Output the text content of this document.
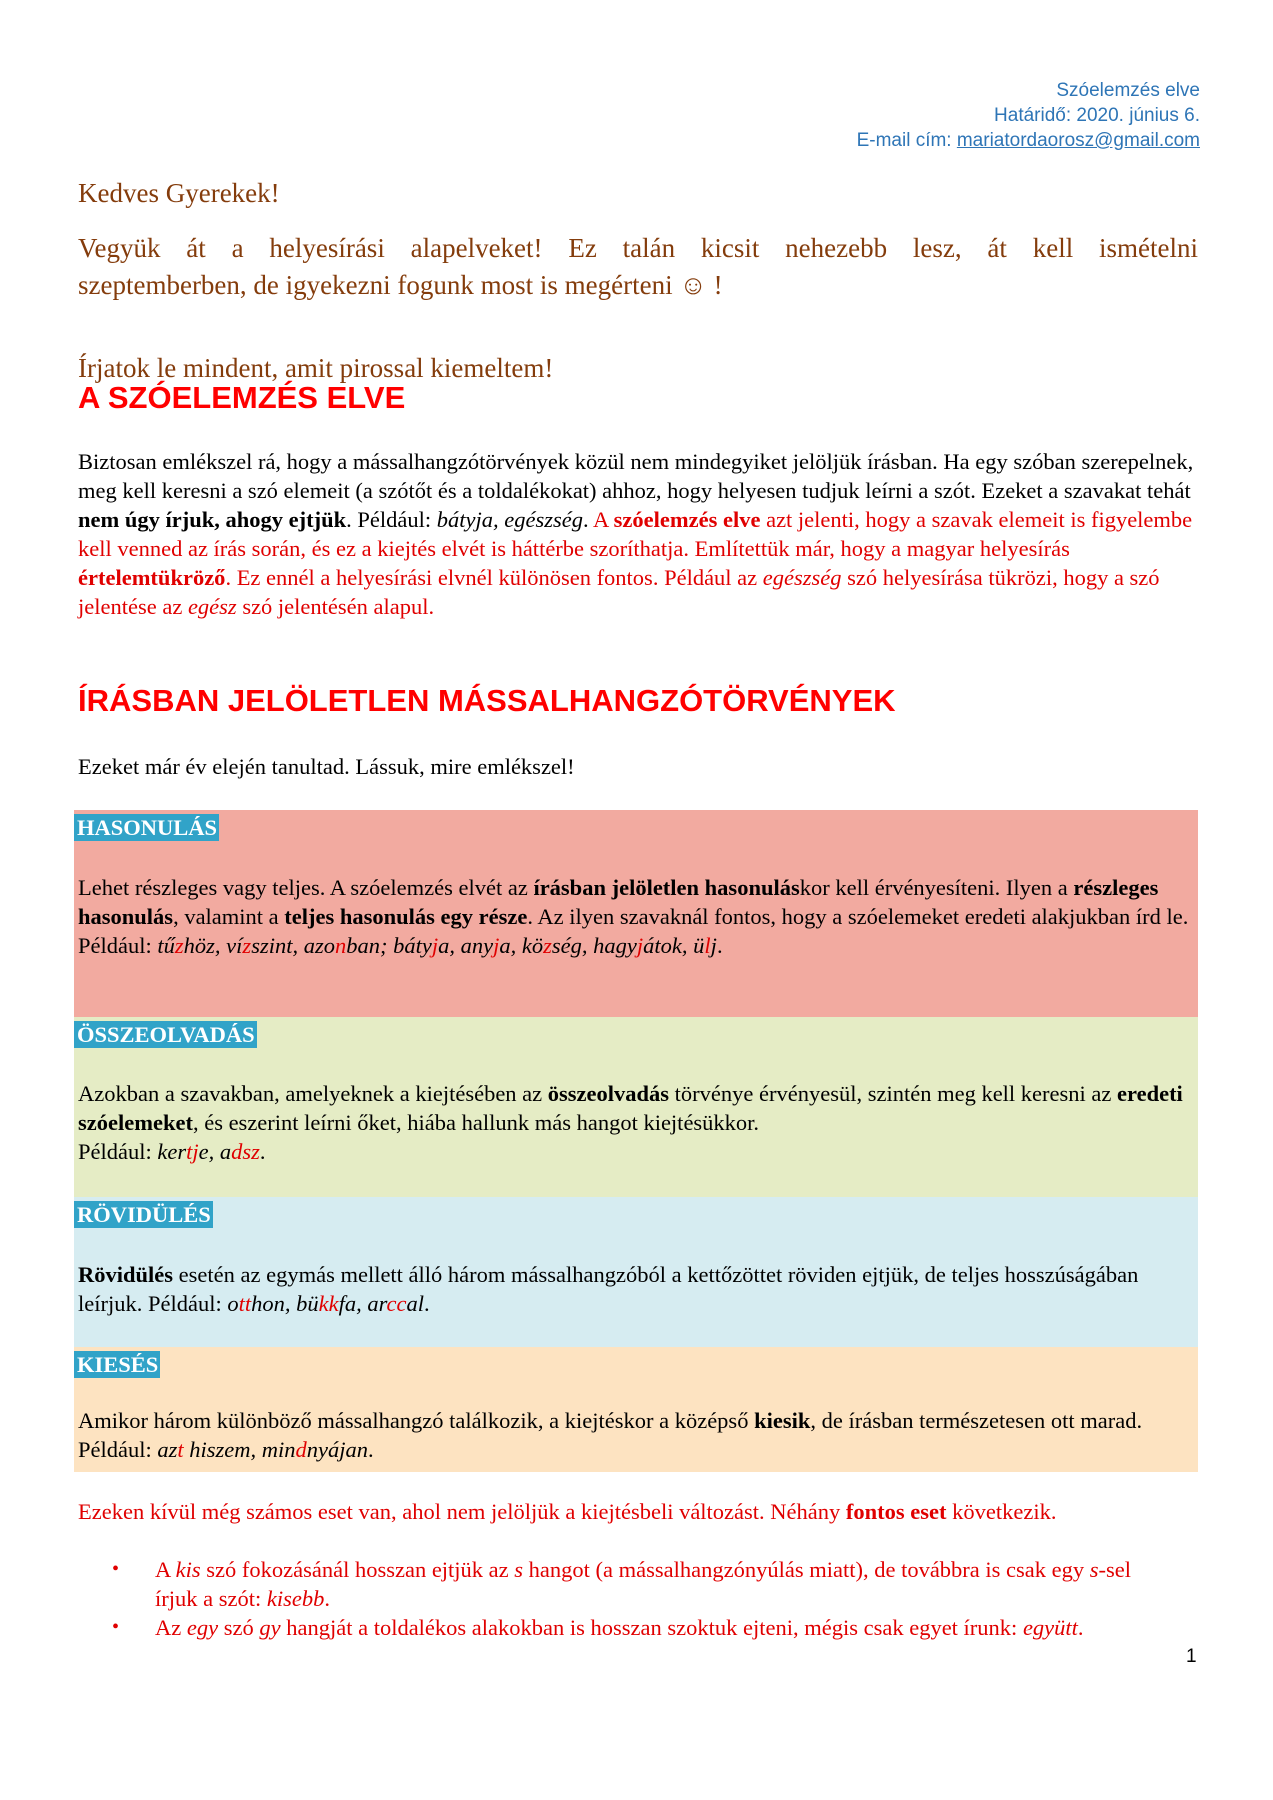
Szóelemzés elve
Határidő: 2020. június 6.
E-mail cím: mariatordaorosz@gmail.com

Kedves Gyerekek!

Vegyük át a helyesírási alapelveket! Ez talán kicsit nehezebb lesz, át kell ismételni
szeptemberben, de igyekezni fogunk most is megérteni ☺ !

Írjatok le mindent, amit pirossal kiemeltem!

A SZÓELEMZÉS ELVE
Biztosan emlékszel rá, hogy a mássalhangzótörvények közül nem mindegyiket jelöljük írásban. Ha egy szóban szerepelnek, meg kell keresni a szó elemeit (a szótőt és a toldalékokat) ahhoz, hogy helyesen tudjuk leírni a szót. Ezeket a szavakat tehát nem úgy írjuk, ahogy ejtjük. Például: bátyja, egészség. A szóelemzés elve azt jelenti, hogy a szavak elemeit is figyelembe kell venned az írás során, és ez a kiejtés elvét is háttérbe szoríthatja. Említettük már, hogy a magyar helyesírás értelemtükröző. Ez ennél a helyesírási elvnél különösen fontos. Például az egészség szó helyesírása tükrözi, hogy a szó jelentése az egész szó jelentésén alapul.
ÍRÁSBAN JELÖLETLEN MÁSSALHANGZÓTÖRVÉNYEK
Ezeket már év elején tanultad. Lássuk, mire emlékszel!
HASONULÁS
Lehet részleges vagy teljes. A szóelemzés elvét az írásban jelöletlen hasonuláskor kell érvényesíteni. Ilyen a részleges hasonulás, valamint a teljes hasonulás egy része. Az ilyen szavaknál fontos, hogy a szóelemeket eredeti alakjukban írd le. Például: tűzhöz, vízszint, azonban; bátyja, anyja, község, hagyjátok, ülj.
ÖSSZEOLVADÁS
Azokban a szavakban, amelyeknek a kiejtésében az összeolvadás törvénye érvényesül, szintén meg kell keresni az eredeti szóelemeket, és eszerint leírni őket, hiába hallunk más hangot kiejtésükkor.
Például: kertje, adsz.
RÖVIDÜLÉS
Rövidülés esetén az egymás mellett álló három mássalhangzóból a kettőzöttet röviden ejtjük, de teljes hosszúságában leírjuk. Például: otthon, bükkfa, arccal.
KIESÉS
Amikor három különböző mássalhangzó találkozik, a kiejtéskor a középső kiesik, de írásban természetesen ott marad. Például: azt hiszem, mindnyájan.
Ezeken kívül még számos eset van, ahol nem jelöljük a kiejtésbeli változást. Néhány fontos eset következik.
• A kis szó fokozásánál hosszan ejtjük az s hangot (a mássalhangzónyúlás miatt), de továbbra is csak egy s-sel írjuk a szót: kisebb.
• Az egy szó gy hangját a toldalékos alakokban is hosszan szoktuk ejteni, mégis csak egyet írunk: együtt.
1
